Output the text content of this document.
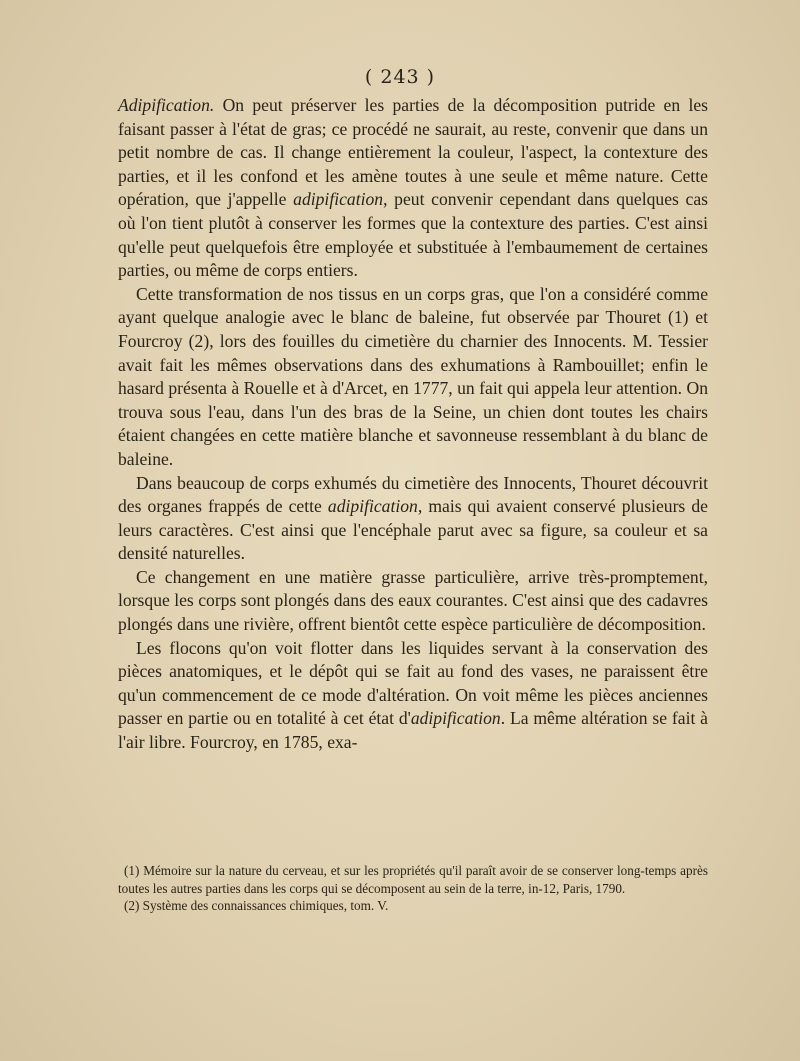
( 243 )

Adipification. On peut préserver les parties de la décomposition putride en les faisant passer à l'état de gras; ce procédé ne saurait, au reste, convenir que dans un petit nombre de cas. Il change entièrement la couleur, l'aspect, la contexture des parties, et il les confond et les amène toutes à une seule et même nature. Cette opération, que j'appelle adipification, peut convenir cependant dans quelques cas où l'on tient plutôt à conserver les formes que la contexture des parties. C'est ainsi qu'elle peut quelquefois être employée et substituée à l'embaumement de certaines parties, ou même de corps entiers.

Cette transformation de nos tissus en un corps gras, que l'on a considéré comme ayant quelque analogie avec le blanc de baleine, fut observée par Thouret (1) et Fourcroy (2), lors des fouilles du cimetière du charnier des Innocents. M. Tessier avait fait les mêmes observations dans des exhumations à Rambouillet; enfin le hasard présenta à Rouelle et à d'Arcet, en 1777, un fait qui appela leur attention. On trouva sous l'eau, dans l'un des bras de la Seine, un chien dont toutes les chairs étaient changées en cette matière blanche et savonneuse ressemblant à du blanc de baleine.

Dans beaucoup de corps exhumés du cimetière des Innocents, Thouret découvrit des organes frappés de cette adipification, mais qui avaient conservé plusieurs de leurs caractères. C'est ainsi que l'encéphale parut avec sa figure, sa couleur et sa densité naturelles.

Ce changement en une matière grasse particulière, arrive très-promptement, lorsque les corps sont plongés dans des eaux courantes. C'est ainsi que des cadavres plongés dans une rivière, offrent bientôt cette espèce particulière de décomposition.

Les flocons qu'on voit flotter dans les liquides servant à la conservation des pièces anatomiques, et le dépôt qui se fait au fond des vases, ne paraissent être qu'un commencement de ce mode d'altération. On voit même les pièces anciennes passer en partie ou en totalité à cet état d'adipification. La même altération se fait à l'air libre. Fourcroy, en 1785, exa-

(1) Mémoire sur la nature du cerveau, et sur les propriétés qu'il paraît avoir de se conserver long-temps après toutes les autres parties dans les corps qui se décomposent au sein de la terre, in-12, Paris, 1790.

(2) Système des connaissances chimiques, tom. V.
